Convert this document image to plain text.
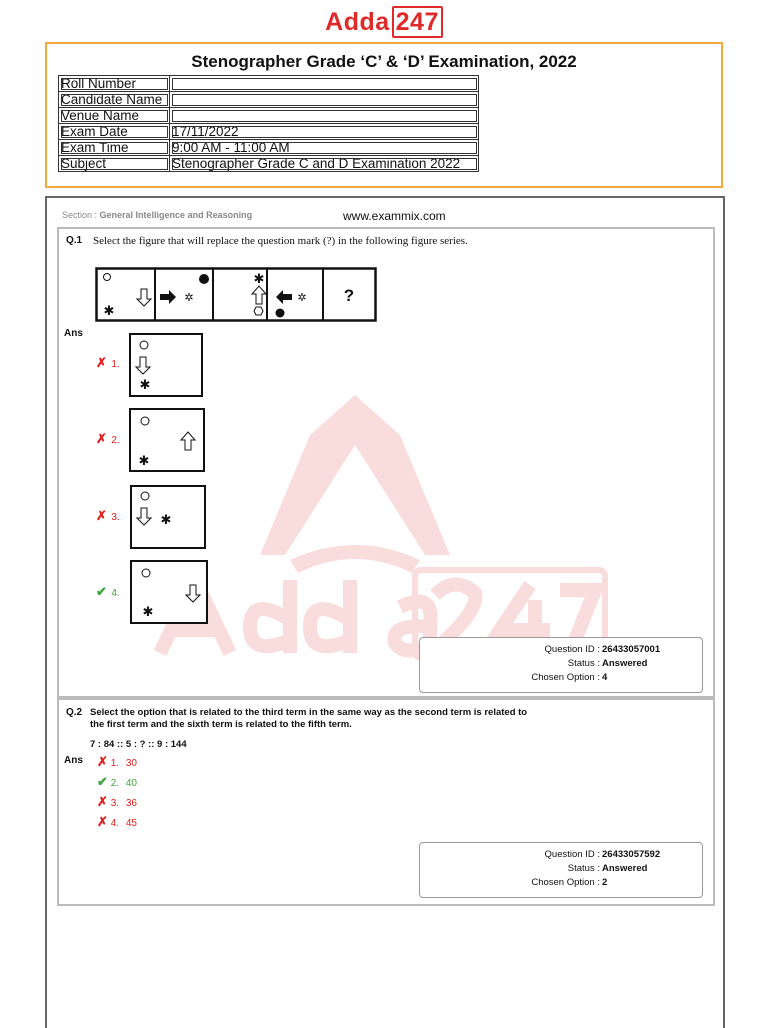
Adda 247
Stenographer Grade ‘C’ & ‘D’ Examination, 2022
Roll Number	
Candidate Name	
Venue Name	
Exam Date	17/11/2022
Exam Time	9:00 AM - 11:00 AM
Subject	Stenographer Grade C and D Examination 2022
Section : General Intelligence and Reasoning	www.exammix.com
Q.1 Select the figure that will replace the question mark (?) in the following figure series.
✱
✲
✱
✲ ?
Ans
✗ 1.
✱
✗ 2.
✱
✗ 3.	✱
✔ 4.
✱
Question ID : 26433057001
Status : Answered
Chosen Option : 4
Q.2 Select the option that is related to the third term in the same way as the second term is related to the first term and the sixth term is related to the fifth term.
7 : 84 :: 5 : ? :: 9 : 144
Ans ✗ 1. 30
✔ 2. 40
✗ 3. 36
✗ 4. 45
Question ID : 26433057592
Status : Answered
Chosen Option : 2
